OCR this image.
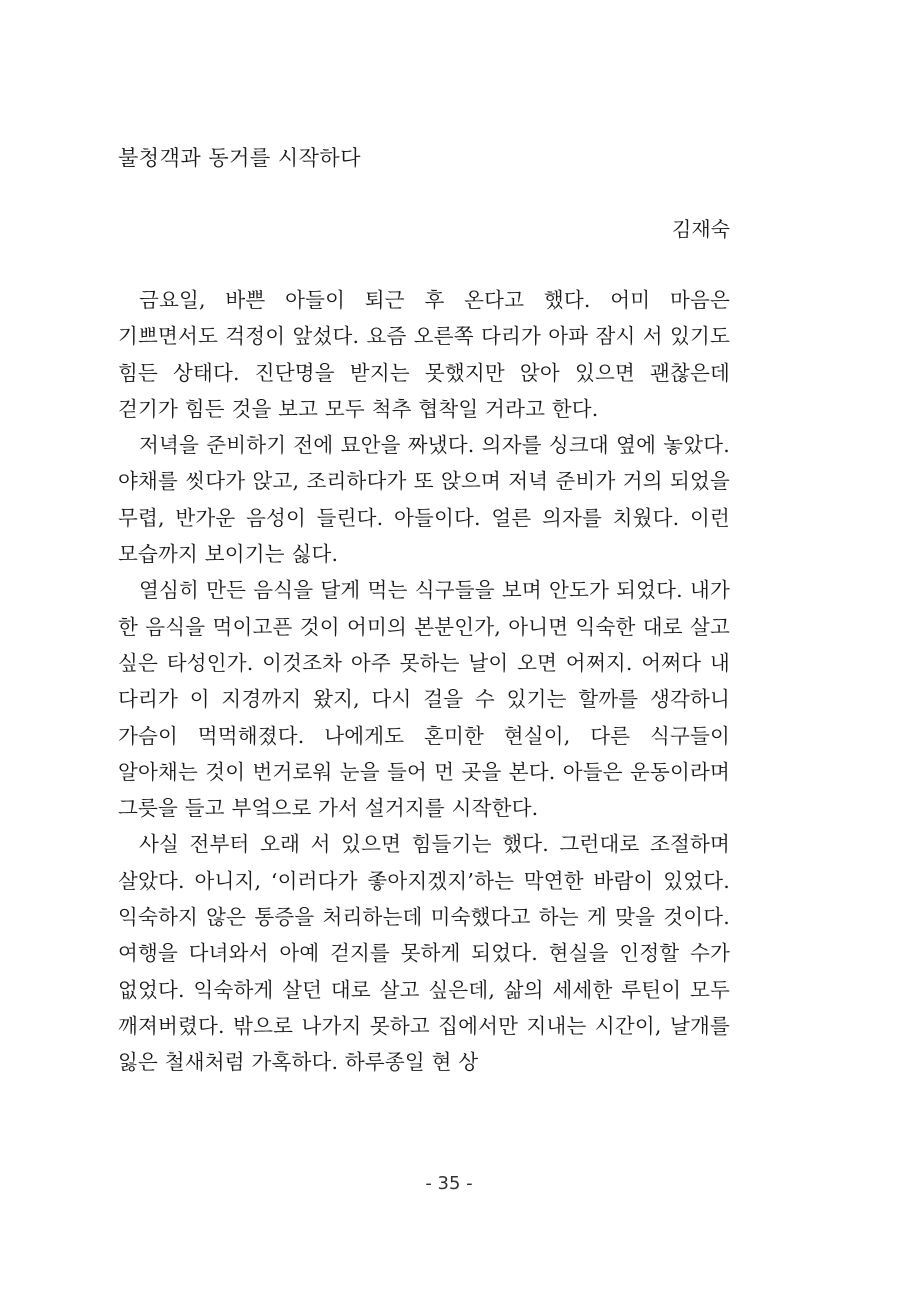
불청객과 동거를 시작하다

김재숙

금요일, 바쁜 아들이 퇴근 후 온다고 했다. 어미 마음은 기쁘면서도 걱정이 앞섰다. 요즘 오른쪽 다리가 아파 잠시 서 있기도 힘든 상태다. 진단명을 받지는 못했지만 앉아 있으면 괜찮은데 걷기가 힘든 것을 보고 모두 척추 협착일 거라고 한다.

저녁을 준비하기 전에 묘안을 짜냈다. 의자를 싱크대 옆에 놓았다. 야채를 씻다가 앉고, 조리하다가 또 앉으며 저녁 준비가 거의 되었을 무렵, 반가운 음성이 들린다. 아들이다. 얼른 의자를 치웠다. 이런 모습까지 보이기는 싫다.

열심히 만든 음식을 달게 먹는 식구들을 보며 안도가 되었다. 내가 한 음식을 먹이고픈 것이 어미의 본분인가, 아니면 익숙한 대로 살고 싶은 타성인가. 이것조차 아주 못하는 날이 오면 어쩌지. 어쩌다 내 다리가 이 지경까지 왔지, 다시 걸을 수 있기는 할까를 생각하니 가슴이 먹먹해졌다. 나에게도 혼미한 현실이, 다른 식구들이 알아채는 것이 번거로워 눈을 들어 먼 곳을 본다. 아들은 운동이라며 그릇을 들고 부엌으로 가서 설거지를 시작한다.

사실 전부터 오래 서 있으면 힘들기는 했다. 그런대로 조절하며 살았다. 아니지, ‘이러다가 좋아지겠지’하는 막연한 바람이 있었다. 익숙하지 않은 통증을 처리하는데 미숙했다고 하는 게 맞을 것이다. 여행을 다녀와서 아예 걷지를 못하게 되었다. 현실을 인정할 수가 없었다. 익숙하게 살던 대로 살고 싶은데, 삶의 세세한 루틴이 모두 깨져버렸다. 밖으로 나가지 못하고 집에서만 지내는 시간이, 날개를 잃은 철새처럼 가혹하다. 하루종일 현 상

- 35 -
